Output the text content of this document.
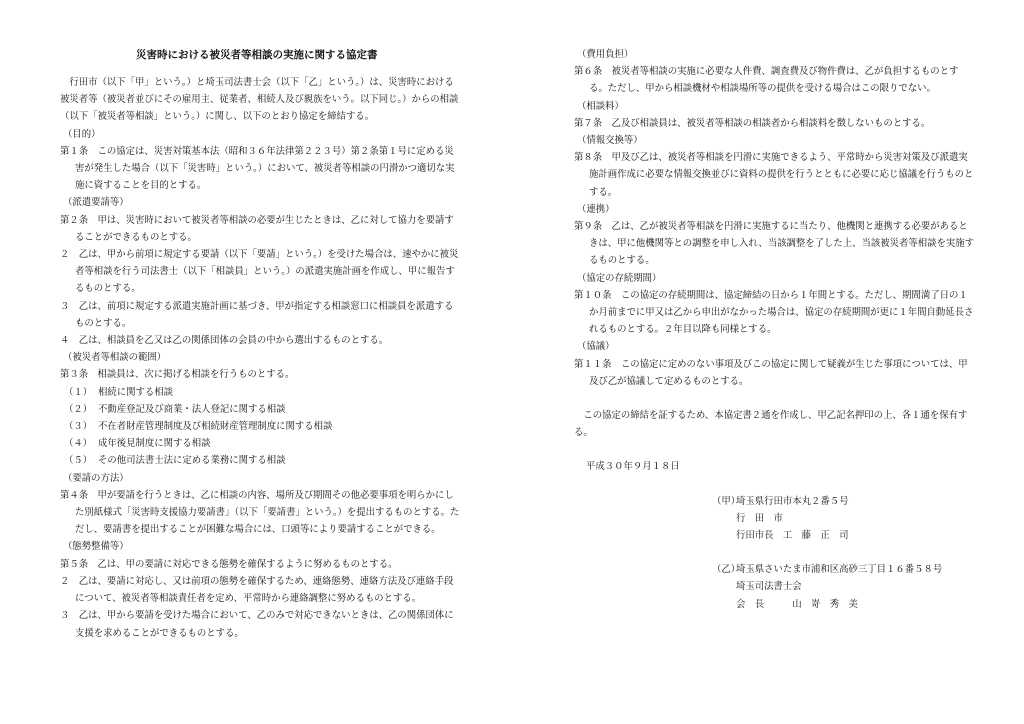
災害時における被災者等相談の実施に関する協定書

行田市（以下「甲」という。）と埼玉司法書士会（以下「乙」という。）は、災害時における被災者等（被災者並びにその雇用主、従業者、相続人及び親族をいう。以下同じ。）からの相談（以下「被災者等相談」という。）に関し、以下のとおり協定を締結する。

（目的）

第１条　この協定は、災害対策基本法（昭和３６年法律第２２３号）第２条第１号に定める災害が発生した場合（以下「災害時」という。）において、被災者等相談の円滑かつ適切な実施に資することを目的とする。

（派遣要請等）

第２条　甲は、災害時において被災者等相談の必要が生じたときは、乙に対して協力を要請することができるものとする。

２　乙は、甲から前項に規定する要請（以下「要請」という。）を受けた場合は、速やかに被災者等相談を行う司法書士（以下「相談員」という。）の派遣実施計画を作成し、甲に報告するものとする。

３　乙は、前項に規定する派遣実施計画に基づき、甲が指定する相談窓口に相談員を派遣するものとする。

４　乙は、相談員を乙又は乙の関係団体の会員の中から選出するものとする。

（被災者等相談の範囲）

第３条　相談員は、次に掲げる相談を行うものとする。

（１） 相続に関する相談
（２） 不動産登記及び商業・法人登記に関する相談
（３） 不在者財産管理制度及び相続財産管理制度に関する相談
（４） 成年後見制度に関する相談
（５） その他司法書士法に定める業務に関する相談

（要請の方法）

第４条　甲が要請を行うときは、乙に相談の内容、場所及び期間その他必要事項を明らかにした別紙様式「災害時支援協力要請書」（以下「要請書」という。）を提出するものとする。ただし、要請書を提出することが困難な場合には、口頭等により要請することができる。

（態勢整備等）

第５条　乙は、甲の要請に対応できる態勢を確保するように努めるものとする。

２　乙は、要請に対応し、又は前項の態勢を確保するため、連絡態勢、連絡方法及び連絡手段について、被災者等相談責任者を定め、平常時から連絡調整に努めるものとする。

３　乙は、甲から要請を受けた場合において、乙のみで対応できないときは、乙の関係団体に支援を求めることができるものとする。

（費用負担）

第６条　被災者等相談の実施に必要な人件費、調査費及び物件費は、乙が負担するものとする。ただし、甲から相談機材や相談場所等の提供を受ける場合はこの限りでない。

（相談料）

第７条　乙及び相談員は、被災者等相談の相談者から相談料を徴しないものとする。

（情報交換等）

第８条　甲及び乙は、被災者等相談を円滑に実施できるよう、平常時から災害対策及び派遣実施計画作成に必要な情報交換並びに資料の提供を行うとともに必要に応じ協議を行うものとする。

（連携）

第９条　乙は、乙が被災者等相談を円滑に実施するに当たり、他機関と連携する必要があるときは、甲に他機関等との調整を申し入れ、当該調整を了した上、当該被災者等相談を実施するものとする。

（協定の存続期間）

第１０条　この協定の存続期間は、協定締結の日から１年間とする。ただし、期間満了日の１か月前までに甲又は乙から申出がなかった場合は、協定の存続期間が更に１年間自動延長されるものとする。２年目以降も同様とする。

（協議）

第１１条　この協定に定めのない事項及びこの協定に関して疑義が生じた事項については、甲及び乙が協議して定めるものとする。

この協定の締結を証するため、本協定書２通を作成し、甲乙記名押印の上、各１通を保有する。

平成３０年９月１８日

（甲）
埼玉県行田市本丸２番５号
行　田　市
行田市長　工　藤　正　司
（乙）
埼玉県さいたま市浦和区高砂三丁目１６番５８号
埼玉司法書士会
会　長　　　山　嵜　秀　美
